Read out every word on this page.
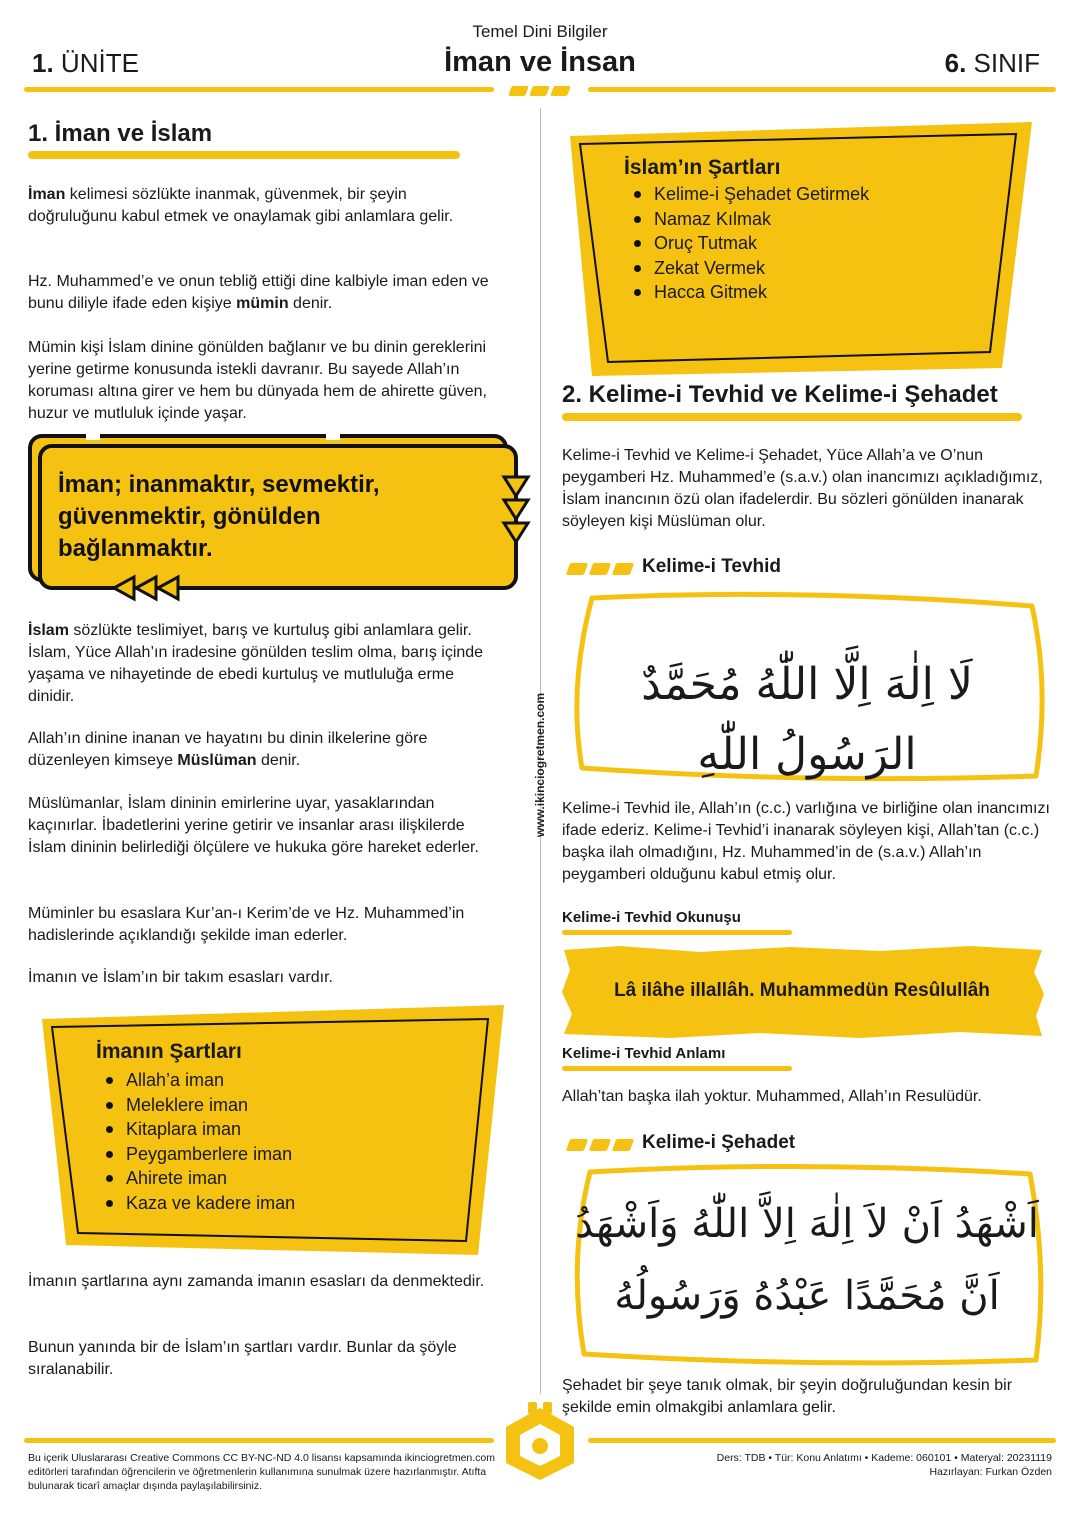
Temel Dini Bilgiler
1. ÜNİTE	İman ve İnsan	6. SINIF
www.ikinciogretmen.com
1. İman ve İslam

İman kelimesi sözlükte inanmak, güvenmek, bir şeyin doğruluğunu kabul etmek ve onaylamak gibi anlamlara gelir.

Hz. Muhammed’e ve onun tebliğ ettiği dine kalbiyle iman eden ve bunu diliyle ifade eden kişiye mümin denir.

Mümin kişi İslam dinine gönülden bağlanır ve bu dinin gereklerini yerine getirme konusunda istekli davranır. Bu sayede Allah’ın koruması altına girer ve hem bu dünyada hem de ahirette güven, huzur ve mutluluk içinde yaşar.

İman; inanmaktır, sevmektir, güvenmektir, gönülden bağlanmaktır.

İslam sözlükte teslimiyet, barış ve kurtuluş gibi anlamlara gelir. İslam, Yüce Allah’ın iradesine gönülden teslim olma, barış içinde yaşama ve nihayetinde de ebedi kurtuluş ve mutluluğa erme dinidir.

Allah’ın dinine inanan ve hayatını bu dinin ilkelerine göre düzenleyen kimseye Müslüman denir.

Müslümanlar, İslam dininin emirlerine uyar, yasaklarından kaçınırlar. İbadetlerini yerine getirir ve insanlar arası ilişkilerde İslam dininin belirlediği ölçülere ve hukuka göre hareket ederler.

Müminler bu esaslara Kur’an-ı Kerim’de ve Hz. Muhammed’in hadislerinde açıklandığı şekilde iman ederler.

İmanın ve İslam’ın bir takım esasları vardır.

İmanın Şartları
Allah’a iman
Meleklere iman
Kitaplara iman
Peygamberlere iman
Ahirete iman
Kaza ve kadere iman

İmanın şartlarına aynı zamanda imanın esasları da denmektedir.

Bunun yanında bir de İslam’ın şartları vardır. Bunlar da şöyle sıralanabilir.

İslam’ın Şartları
Kelime-i Şehadet Getirmek
Namaz Kılmak
Oruç Tutmak
Zekat Vermek
Hacca Gitmek
2. Kelime-i Tevhid ve Kelime-i Şehadet

Kelime-i Tevhid ve Kelime-i Şehadet, Yüce Allah’a ve O’nun peygamberi Hz. Muhammed’e (s.a.v.) olan inancımızı açıkladığımız, İslam inancının özü olan ifadelerdir. Bu sözleri gönülden inanarak söyleyen kişi Müslüman olur.

Kelime-i Tevhid
لَا اِلٰهَ اِلَّا اللّٰهُ مُحَمَّدٌ الرَسُولُ اللّٰهِ

Kelime-i Tevhid ile, Allah’ın (c.c.) varlığına ve birliğine olan inancımızı ifade ederiz. Kelime-i Tevhid’i inanarak söyleyen kişi, Allah’tan (c.c.) başka ilah olmadığını, Hz. Muhammed’in de (s.a.v.) Allah’ın peygamberi olduğunu kabul etmiş olur.

Kelime-i Tevhid Okunuşu
Lâ ilâhe illallâh. Muhammedün Resûlullâh
Kelime-i Tevhid Anlamı

Allah’tan başka ilah yoktur. Muhammed, Allah’ın Resulüdür.

Kelime-i Şehadet
اَشْهَدُ اَنْ لاَ اِلٰهَ اِلاَّ اللّٰهُ وَاَشْهَدُ
اَنَّ مُحَمَّدًا عَبْدُهُ وَرَسُولُهُ

Şehadet bir şeye tanık olmak, bir şeyin doğruluğundan kesin bir şekilde emin olmakgibi anlamlara gelir.

Bu içerik Uluslararası Creative Commons CC BY-NC-ND 4.0 lisansı kapsamında ikinciogretmen.com editörleri tarafından öğrencilerin ve öğretmenlerin kullanımına sunulmak üzere hazırlanmıştır. Atıfta bulunarak ticarî amaçlar dışında paylaşılabilirsiniz.
Ders: TDB • Tür: Konu Anlatımı • Kademe: 060101 • Materyal: 20231119
Hazırlayan: Furkan Özden
